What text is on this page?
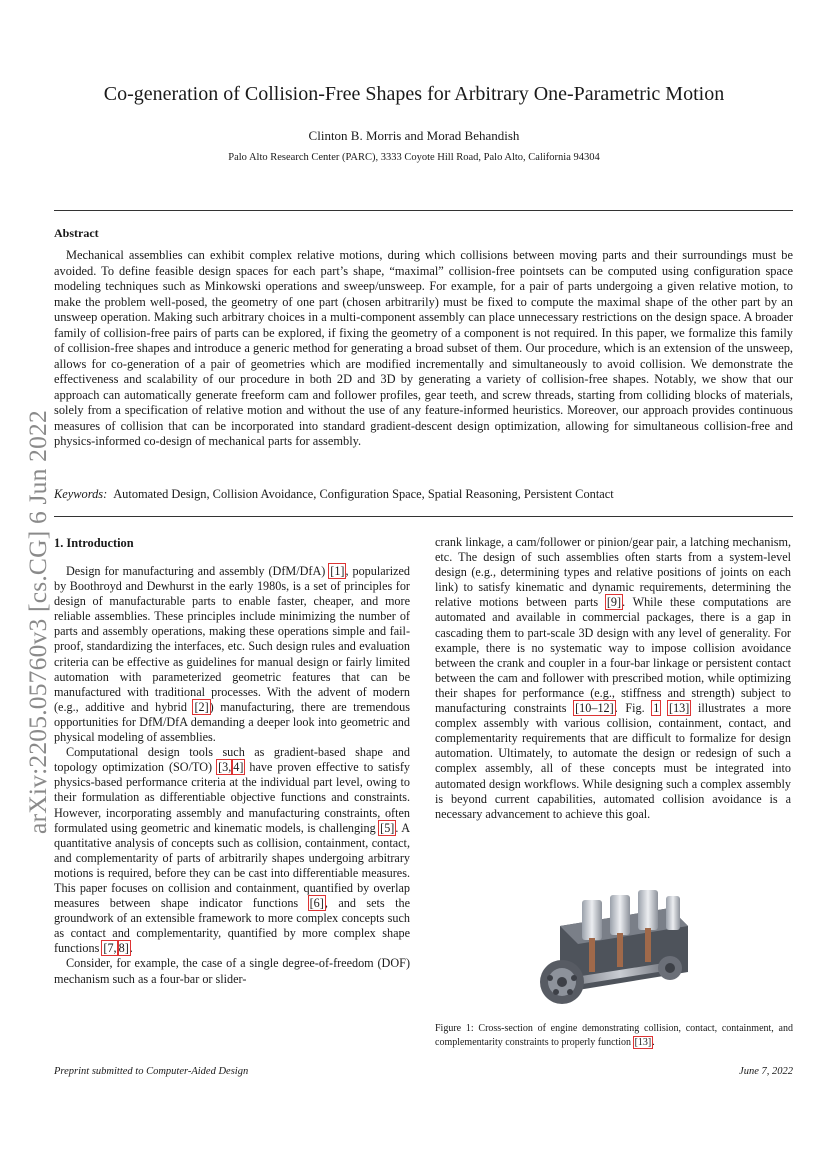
arXiv:2205.05760v3 [cs.CG] 6 Jun 2022
Co-generation of Collision-Free Shapes for Arbitrary One-Parametric Motion
Clinton B. Morris and Morad Behandish
Palo Alto Research Center (PARC), 3333 Coyote Hill Road, Palo Alto, California 94304
Abstract
Mechanical assemblies can exhibit complex relative motions, during which collisions between moving parts and their surroundings must be avoided. To define feasible design spaces for each part’s shape, “maximal” collision-free pointsets can be computed using configuration space modeling techniques such as Minkowski operations and sweep/unsweep. For example, for a pair of parts undergoing a given relative motion, to make the problem well-posed, the geometry of one part (chosen arbitrarily) must be fixed to compute the maximal shape of the other part by an unsweep operation. Making such arbitrary choices in a multi-component assembly can place unnecessary restrictions on the design space. A broader family of collision-free pairs of parts can be explored, if fixing the geometry of a component is not required. In this paper, we formalize this family of collision-free shapes and introduce a generic method for generating a broad subset of them. Our procedure, which is an extension of the unsweep, allows for co-generation of a pair of geometries which are modified incrementally and simultaneously to avoid collision. We demonstrate the effectiveness and scalability of our procedure in both 2D and 3D by generating a variety of collision-free shapes. Notably, we show that our approach can automatically generate freeform cam and follower profiles, gear teeth, and screw threads, starting from colliding blocks of materials, solely from a specification of relative motion and without the use of any feature-informed heuristics. Moreover, our approach provides continuous measures of collision that can be incorporated into standard gradient-descent design optimization, allowing for simultaneous collision-free and physics-informed co-design of mechanical parts for assembly.
Keywords: Automated Design, Collision Avoidance, Configuration Space, Spatial Reasoning, Persistent Contact
1. Introduction

Design for manufacturing and assembly (DfM/DfA) [1], popularized by Boothroyd and Dewhurst in the early 1980s, is a set of principles for design of manufacturable parts to enable faster, cheaper, and more reliable assemblies. These principles include minimizing the number of parts and assembly operations, making these operations simple and fail-proof, standardizing the interfaces, etc. Such design rules and evaluation criteria can be effective as guidelines for manual design or fairly limited automation with parameterized geometric features that can be manufactured with traditional processes. With the advent of modern (e.g., additive and hybrid [2]) manufacturing, there are tremendous opportunities for DfM/DfA demanding a deeper look into geometric and physical modeling of assemblies.

Computational design tools such as gradient-based shape and topology optimization (SO/TO) [3, 4] have proven effective to satisfy physics-based performance criteria at the individual part level, owing to their formulation as differentiable objective functions and constraints. However, incorporating assembly and manufacturing constraints, often formulated using geometric and kinematic models, is challenging [5]. A quantitative analysis of concepts such as collision, containment, contact, and complementarity of parts of arbitrarily shapes undergoing arbitrary motions is required, before they can be cast into differentiable measures. This paper focuses on collision and containment, quantified by overlap measures between shape indicator functions [6], and sets the groundwork of an extensible framework to more complex concepts such as contact and complementarity, quantified by more complex shape functions [7, 8].

Consider, for example, the case of a single degree-of-freedom (DOF) mechanism such as a four-bar or slider-

crank linkage, a cam/follower or pinion/gear pair, a latching mechanism, etc. The design of such assemblies often starts from a system-level design (e.g., determining types and relative positions of joints on each link) to satisfy kinematic and dynamic requirements, determining the relative motions between parts [9]. While these computations are automated and available in commercial packages, there is a gap in cascading them to part-scale 3D design with any level of generality. For example, there is no systematic way to impose collision avoidance between the crank and coupler in a four-bar linkage or persistent contact between the cam and follower with prescribed motion, while optimizing their shapes for performance (e.g., stiffness and strength) subject to manufacturing constraints [10–12]. Fig. 1 [13] illustrates a more complex assembly with various collision, containment, contact, and complementarity requirements that are difficult to formalize for design automation. Ultimately, to automate the design or redesign of such a complex assembly, all of these concepts must be integrated into automated design workflows. While designing such a complex assembly is beyond current capabilities, automated collision avoidance is a necessary advancement to achieve this goal.

Figure 1: Cross-section of engine demonstrating collision, contact, containment, and complementarity constraints to properly function [13].
Preprint submitted to Computer-Aided Design	June 7, 2022
